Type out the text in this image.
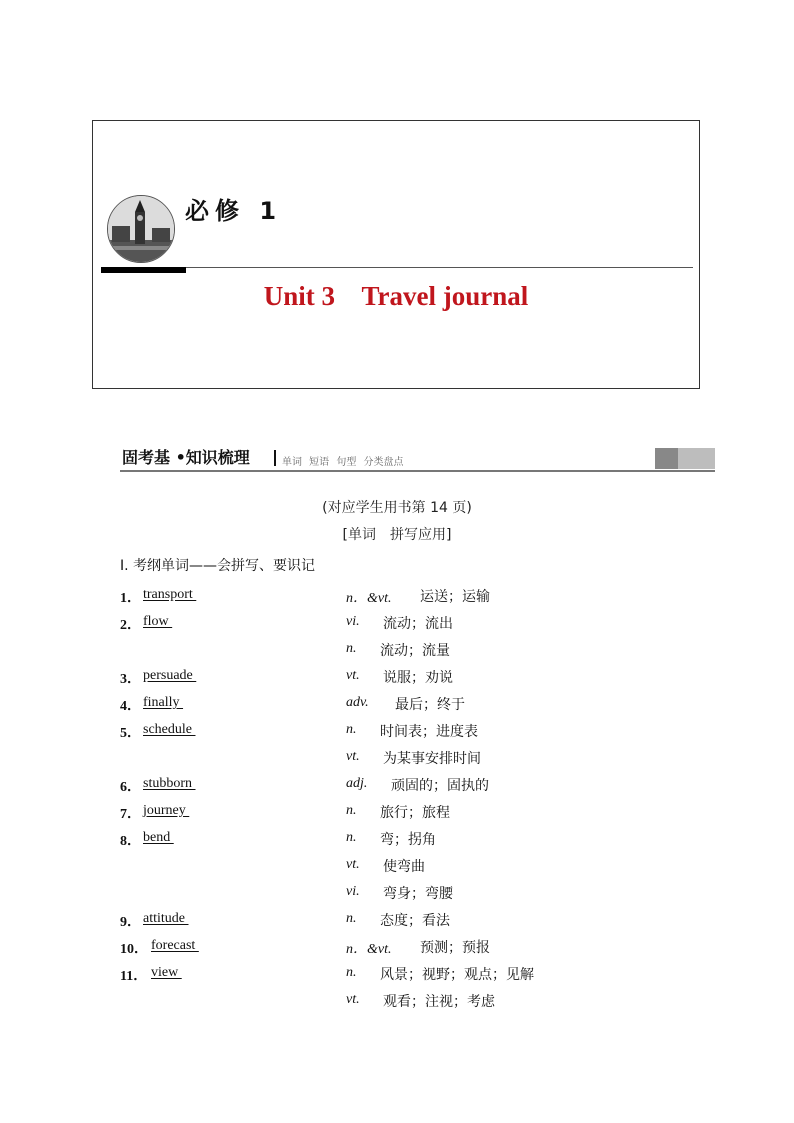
必修 1
Unit 3 Travel journal
固考基 •知识梳理	单词 短语 句型 分类盘点
(对应学生用书第 14 页)
[单词　拼写应用]
Ⅰ. 考纲单词——会拼写、要识记
1． transport	n．&vt.	运送；运输
2． flow	vi.	流动；流出
n.	流动；流量
3． persuade	vt.	说服；劝说
4． finally	adv.	最后；终于
5． schedule	n.	时间表；进度表
vt.	为某事安排时间
6． stubborn	adj.	顽固的；固执的
7． journey	n.	旅行；旅程
8． bend	n.	弯；拐角
vt.	使弯曲
vi.	弯身；弯腰
9． attitude	n.	态度；看法
10． forecast	n．&vt.	预测；预报
11． view	n.	风景；视野；观点；见解
vt.	观看；注视；考虑
